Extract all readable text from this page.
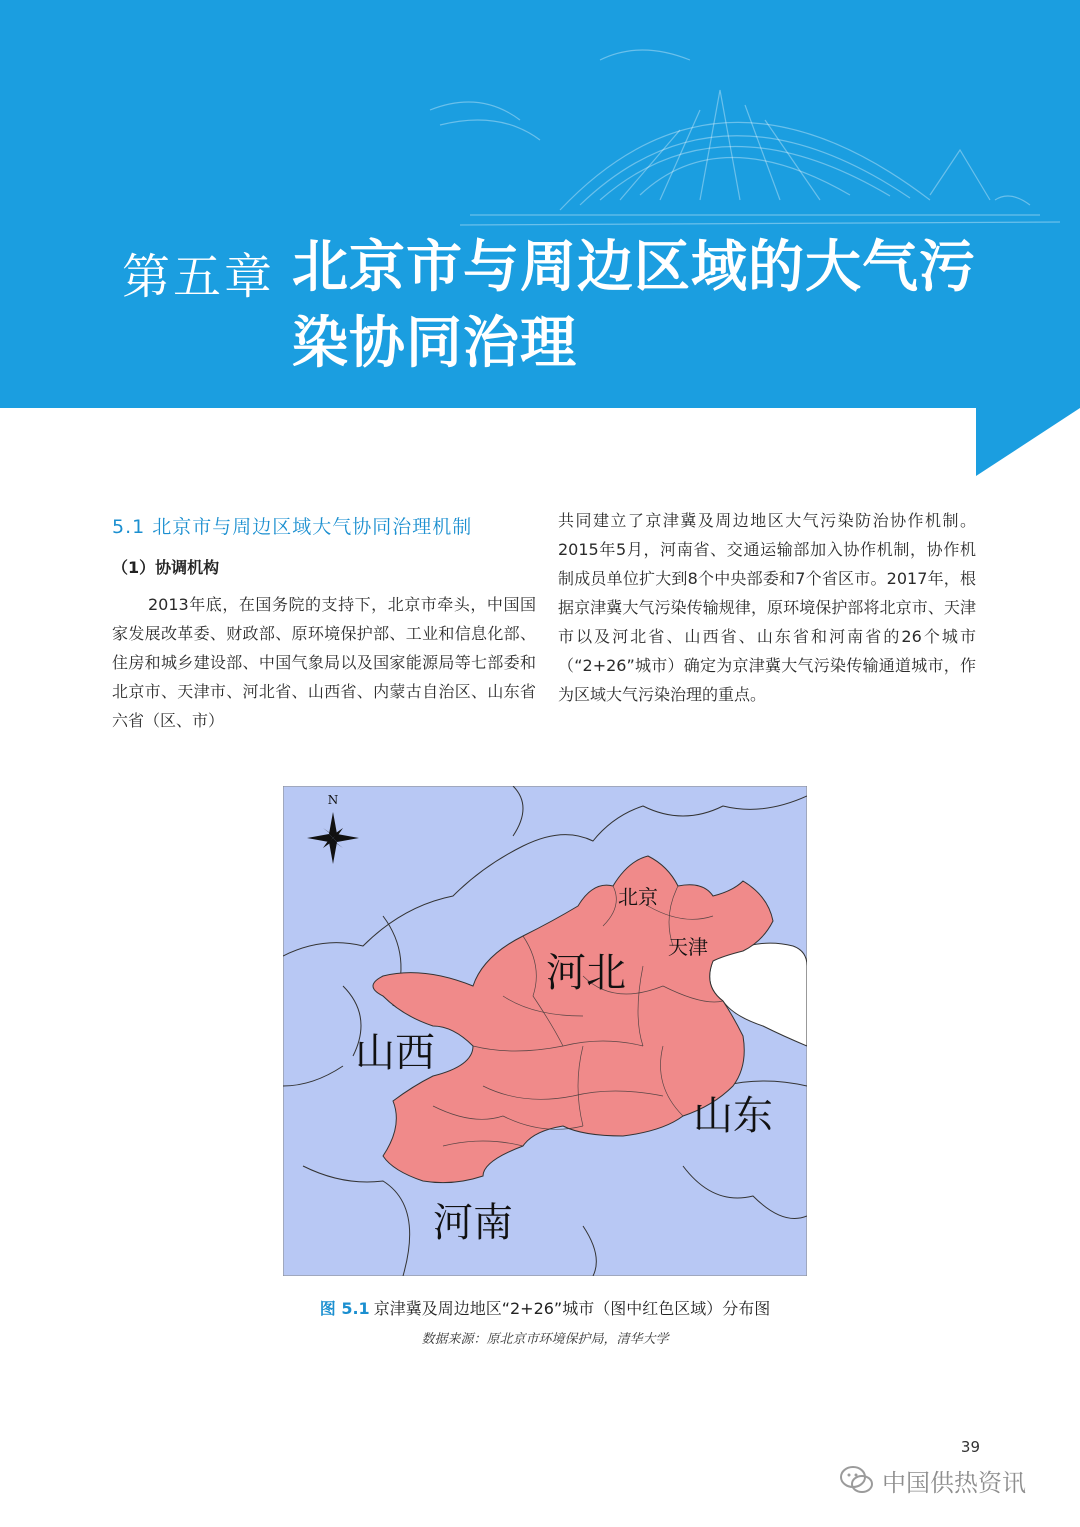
第五章 北京市与周边区域的大气污染协同治理
5.1 北京市与周边区域大气协同治理机制
（1）协调机构

2013年底，在国务院的支持下，北京市牵头，中国国家发展改革委、财政部、原环境保护部、工业和信息化部、住房和城乡建设部、中国气象局以及国家能源局等七部委和北京市、天津市、河北省、山西省、内蒙古自治区、山东省六省（区、市）

共同建立了京津冀及周边地区大气污染防治协作机制。2015年5月，河南省、交通运输部加入协作机制，协作机制成员单位扩大到8个中央部委和7个省区市。2017年，根据京津冀大气污染传输规律，原环境保护部将北京市、天津市以及河北省、山西省、山东省和河南省的26个城市（“2+26”城市）确定为京津冀大气污染传输通道城市，作为区域大气污染治理的重点。

N
北京
天津
河北
山西
山东
河南
图 5.1 京津冀及周边地区“2+26”城市（图中红色区域）分布图
数据来源：原北京市环境保护局，清华大学
39
中国供热资讯
